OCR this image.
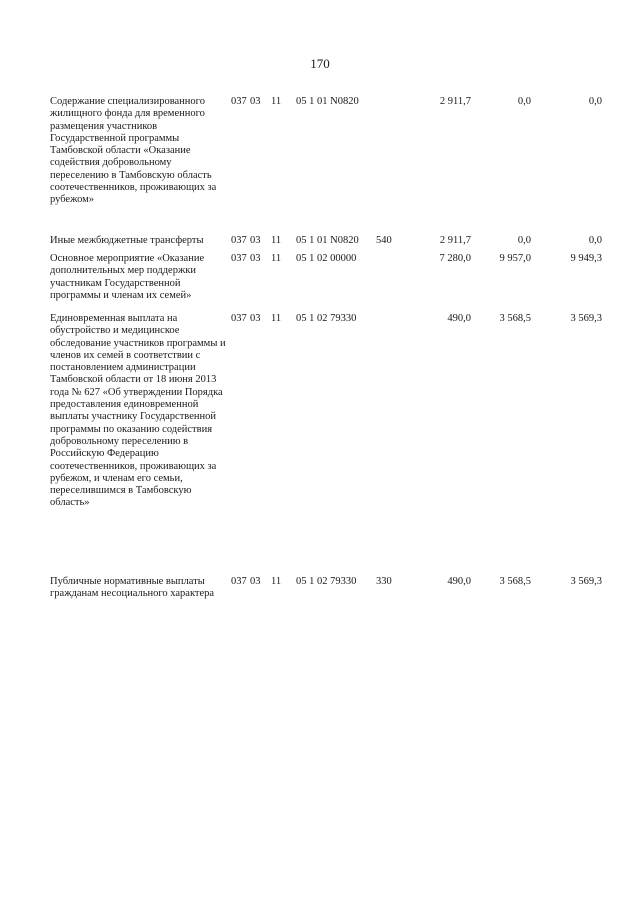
170
Содержание специализированного жилищного фонда для временного размещения участников Государственной программы Тамбовской области «Оказание содействия добровольному переселению в Тамбовскую область соотечественников, проживающих за рубежом»
037 03 11 05 1 01 N0820	2 911,7	0,0	0,0
Иные межбюджетные трансферты	037 03 11 05 1 01 N0820 540	2 911,7	0,0	0,0
Основное мероприятие «Оказание дополнительных мер поддержки участникам Государственной программы и членам их семей»
037 03 11 05 1 02 00000	7 280,0	9 957,0	9 949,3
Единовременная выплата на обустройство и медицинское обследование участников программы и членов их семей в соответствии с постановлением администрации Тамбовской области от 18 июня 2013 года № 627 «Об утверждении Порядка предоставления единовременной выплаты участнику Государственной программы по оказанию содействия добровольному переселению в Российскую Федерацию соотечественников, проживающих за рубежом, и членам его семьи, переселившимся в Тамбовскую область»
037 03 11 05 1 02 79330	490,0	3 568,5	3 569,3
Публичные нормативные выплаты гражданам несоциального характера
037 03 11 05 1 02 79330 330	490,0	3 568,5	3 569,3
